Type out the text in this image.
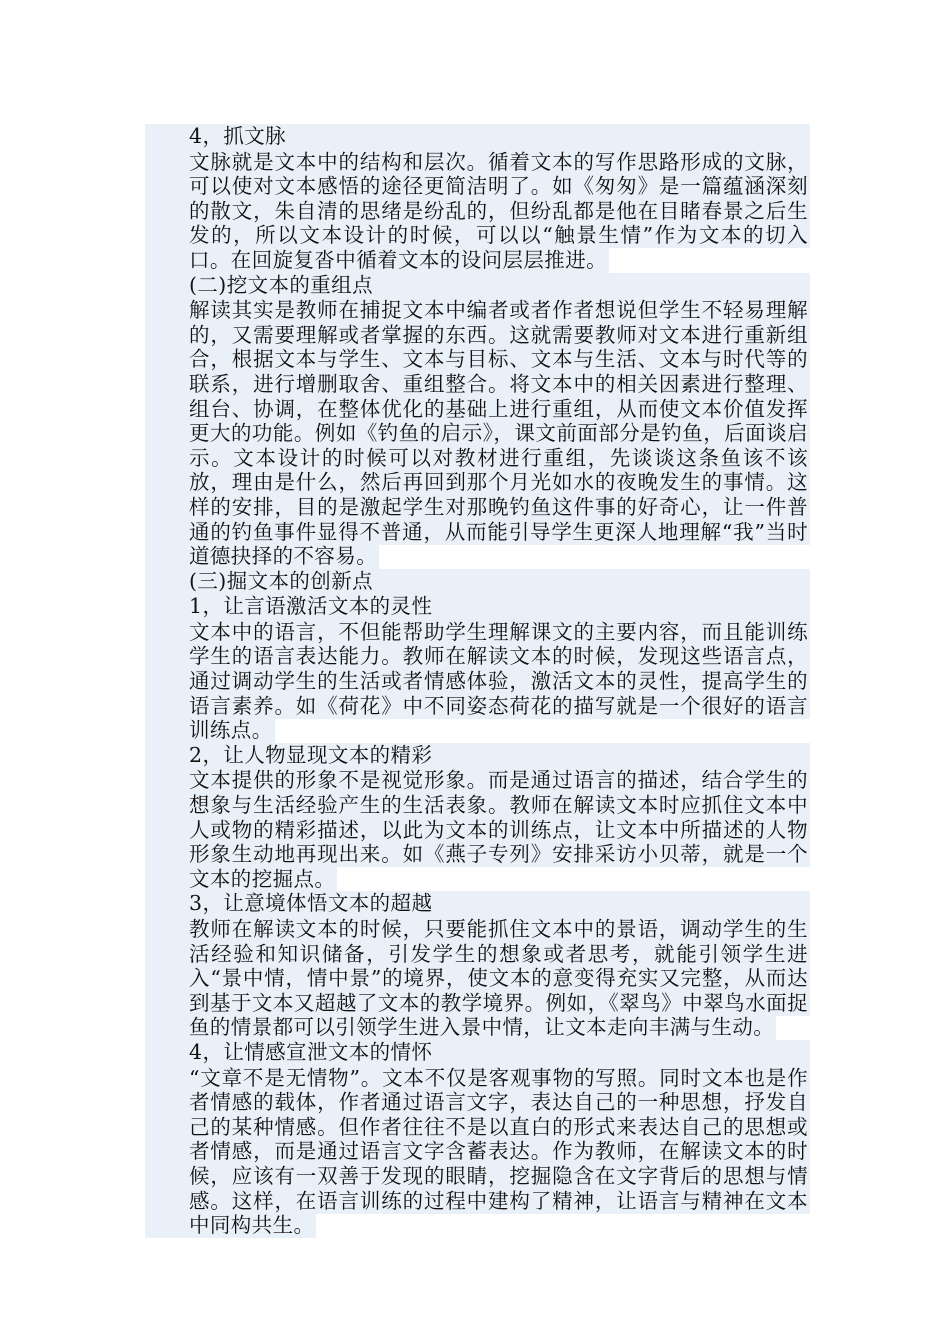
4，抓文脉

文脉就是文本中的结构和层次。循着文本的写作思路形成的文脉，可以使对文本感悟的途径更简洁明了。如《匆匆》是一篇蕴涵深刻的散文，朱自清的思绪是纷乱的，但纷乱都是他在目睹春景之后生发的，所以文本设计的时候，可以以“触景生情”作为文本的切入口。在回旋复沓中循着文本的设问层层推进。

(二)挖文本的重组点

解读其实是教师在捕捉文本中编者或者作者想说但学生不轻易理解的，又需要理解或者掌握的东西。这就需要教师对文本进行重新组合，根据文本与学生、文本与目标、文本与生活、文本与时代等的联系，进行增删取舍、重组整合。将文本中的相关因素进行整理、组台、协调，在整体优化的基础上进行重组，从而使文本价值发挥更大的功能。例如《钓鱼的启示》，课文前面部分是钓鱼，后面谈启示。文本设计的时候可以对教材进行重组，先谈谈这条鱼该不该放，理由是什么，然后再回到那个月光如水的夜晚发生的事情。这样的安排，目的是激起学生对那晚钓鱼这件事的好奇心，让一件普通的钓鱼事件显得不普通，从而能引导学生更深人地理解“我”当时道德抉择的不容易。

(三)掘文本的创新点

1，让言语激活文本的灵性

文本中的语言，不但能帮助学生理解课文的主要内容，而且能训练学生的语言表达能力。教师在解读文本的时候，发现这些语言点，通过调动学生的生活或者情感体验，激活文本的灵性，提高学生的语言素养。如《荷花》中不同姿态荷花的描写就是一个很好的语言训练点。

2，让人物显现文本的精彩

文本提供的形象不是视觉形象。而是通过语言的描述，结合学生的想象与生活经验产生的生活表象。教师在解读文本时应抓住文本中人或物的精彩描述，以此为文本的训练点，让文本中所描述的人物形象生动地再现出来。如《燕子专列》安排采访小贝蒂，就是一个文本的挖掘点。

3，让意境体悟文本的超越

教师在解读文本的时候，只要能抓住文本中的景语，调动学生的生活经验和知识储备，引发学生的想象或者思考，就能引领学生进入“景中情，情中景”的境界，使文本的意变得充实又完整，从而达到基于文本又超越了文本的教学境界。例如，《翠鸟》中翠鸟水面捉鱼的情景都可以引领学生进入景中情，让文本走向丰满与生动。

4，让情感宣泄文本的情怀

“文章不是无情物”。文本不仅是客观事物的写照。同时文本也是作者情感的载体，作者通过语言文字，表达自己的一种思想，抒发自己的某种情感。但作者往往不是以直白的形式来表达自己的思想或者情感，而是通过语言文字含蓄表达。作为教师，在解读文本的时候，应该有一双善于发现的眼睛，挖掘隐含在文字背后的思想与情感。这样，在语言训练的过程中建构了精神，让语言与精神在文本中同构共生。
